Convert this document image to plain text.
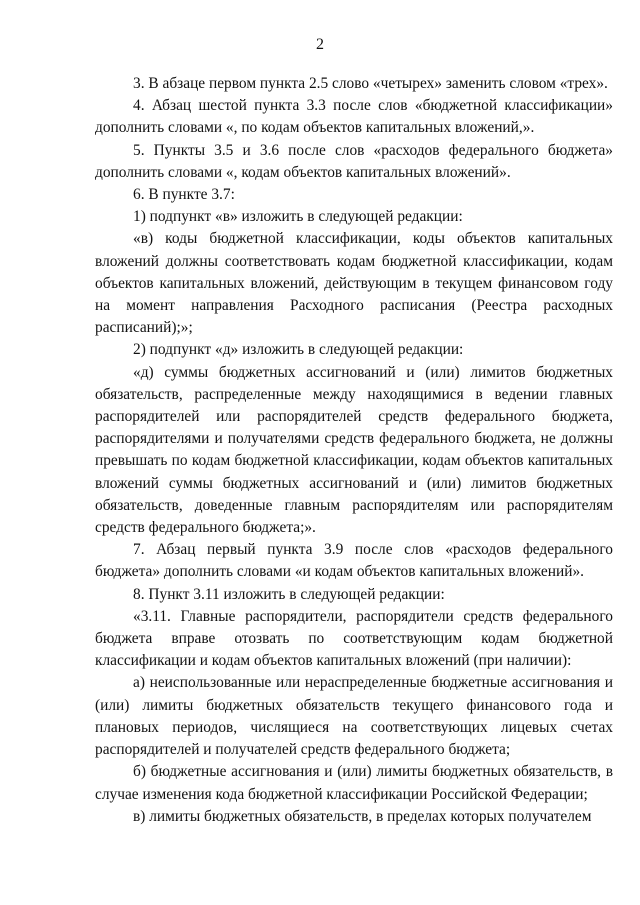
2

3. В абзаце первом пункта 2.5 слово «четырех» заменить словом «трех».

4. Абзац шестой пункта 3.3 после слов «бюджетной классификации» дополнить словами «, по кодам объектов капитальных вложений,».

5. Пункты 3.5 и 3.6 после слов «расходов федерального бюджета» дополнить словами «, кодам объектов капитальных вложений».

6. В пункте 3.7:

1) подпункт «в» изложить в следующей редакции:

«в) коды бюджетной классификации, коды объектов капитальных вложений должны соответствовать кодам бюджетной классификации, кодам объектов капитальных вложений, действующим в текущем финансовом году на момент направления Расходного расписания (Реестра расходных расписаний);»;

2) подпункт «д» изложить в следующей редакции:

«д) суммы бюджетных ассигнований и (или) лимитов бюджетных обязательств, распределенные между находящимися в ведении главных распорядителей или распорядителей средств федерального бюджета, распорядителями и получателями средств федерального бюджета, не должны превышать по кодам бюджетной классификации, кодам объектов капитальных вложений суммы бюджетных ассигнований и (или) лимитов бюджетных обязательств, доведенные главным распорядителям или распорядителям средств федерального бюджета;».

7. Абзац первый пункта 3.9 после слов «расходов федерального бюджета» дополнить словами «и кодам объектов капитальных вложений».

8. Пункт 3.11 изложить в следующей редакции:

«3.11. Главные распорядители, распорядители средств федерального бюджета вправе отозвать по соответствующим кодам бюджетной классификации и кодам объектов капитальных вложений (при наличии):

а) неиспользованные или нераспределенные бюджетные ассигнования и (или) лимиты бюджетных обязательств текущего финансового года и плановых периодов, числящиеся на соответствующих лицевых счетах распорядителей и получателей средств федерального бюджета;

б) бюджетные ассигнования и (или) лимиты бюджетных обязательств, в случае изменения кода бюджетной классификации Российской Федерации;

в) лимиты бюджетных обязательств, в пределах которых получателем
